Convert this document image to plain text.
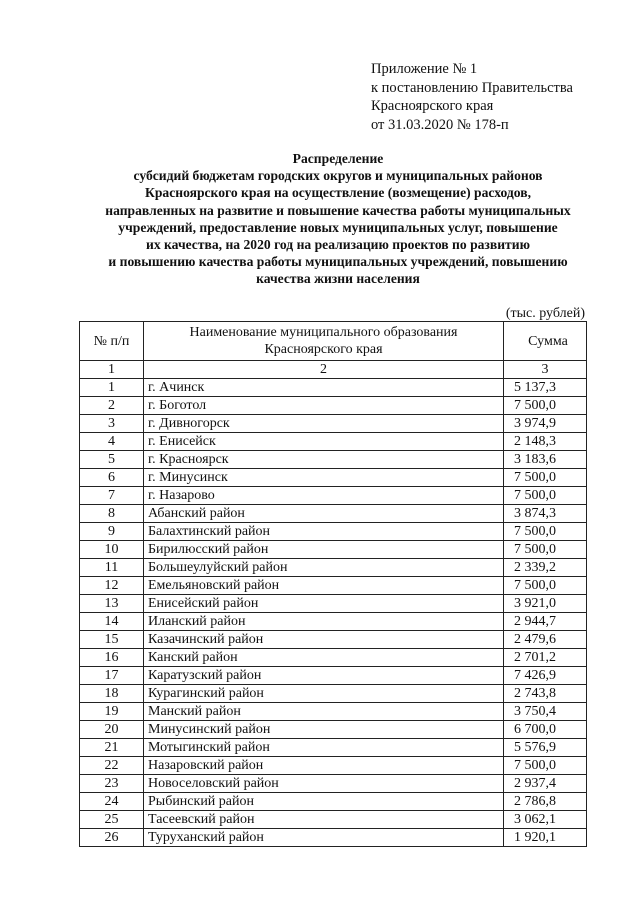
Приложение № 1
к постановлению Правительства
Красноярского края
от 31.03.2020 № 178-п
Распределение
субсидий бюджетам городских округов и муниципальных районов
Красноярского края на осуществление (возмещение) расходов,
направленных на развитие и повышение качества работы муниципальных
учреждений, предоставление новых муниципальных услуг, повышение
их качества, на 2020 год на реализацию проектов по развитию
и повышению качества работы муниципальных учреждений, повышению
качества жизни населения
(тыс. рублей)
№ п/п	Наименование муниципального образования Красноярского края	Сумма
1	2	3
1	г. Ачинск	5 137,3
2	г. Боготол	7 500,0
3	г. Дивногорск	3 974,9
4	г. Енисейск	2 148,3
5	г. Красноярск	3 183,6
6	г. Минусинск	7 500,0
7	г. Назарово	7 500,0
8	Абанский район	3 874,3
9	Балахтинский район	7 500,0
10	Бирилюсский район	7 500,0
11	Большеулуйский район	2 339,2
12	Емельяновский район	7 500,0
13	Енисейский район	3 921,0
14	Иланский район	2 944,7
15	Казачинский район	2 479,6
16	Канский район	2 701,2
17	Каратузский район	7 426,9
18	Курагинский район	2 743,8
19	Манский район	3 750,4
20	Минусинский район	6 700,0
21	Мотыгинский район	5 576,9
22	Назаровский район	7 500,0
23	Новоселовский район	2 937,4
24	Рыбинский район	2 786,8
25	Тасеевский район	3 062,1
26	Туруханский район	1 920,1
